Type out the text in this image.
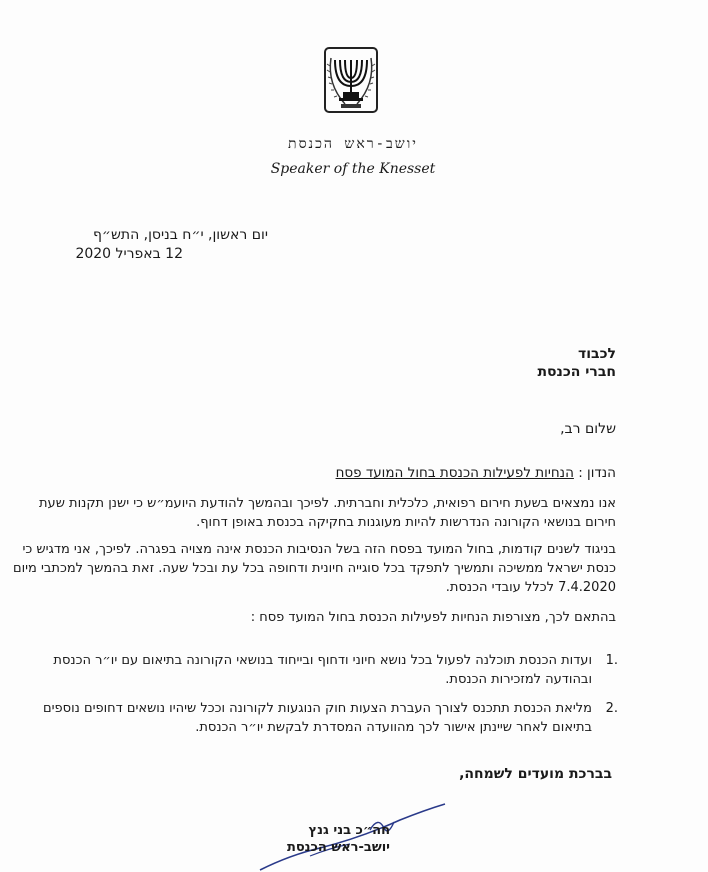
יושב-ראש הכנסת
Speaker of the Knesset
יום ראשון, י״ח בניסן, התש״ף
12 באפריל 2020
לכבוד
חברי הכנסת
שלום רב,
הנדון : הנחיות לפעילות הכנסת בחול המועד פסח
אנו נמצאים בשעת חירום רפואית, כלכלית וחברתית. לפיכך ובהמשך להודעת היועמ״ש כי ישנן תקנות שעת חירום בנושאי הקורונה הנדרשות להיות מעוגנות בחקיקה בכנסת באופן דחוף.
בניגוד לשנים קודמות, בחול המועד בפסח הזה בשל הנסיבות הכנסת אינה מצויה בפגרה. לפיכך, אני מדגיש כי כנסת ישראל ממשיכה ותמשיך לתפקד בכל סוגייה חיונית ודחופה בכל עת ובכל שעה. זאת בהמשך למכתבי מיום 7.4.2020 לכלל עובדי הכנסת.
בהתאם לכך, מצורפות הנחיות לפעילות הכנסת בחול המועד פסח :
1.
ועדות הכנסת תוכלנה לפעול בכל נושא חיוני ודחוף ובייחוד בנושאי הקורונה בתיאום עם יו״ר הכנסת ובהודעה למזכירות הכנסת.
2.
מליאת הכנסת תתכנס לצורך העברת הצעות חוק הנוגעות לקורונה וככל שיהיו נושאים דחופים נוספים בתיאום לאחר שיינתן אישור לכך מהוועדה המסדרת לבקשת יו״ר הכנסת.
בברכת מועדים לשמחה,
חה״כ בני גנץ
יושב-ראש הכנסת
